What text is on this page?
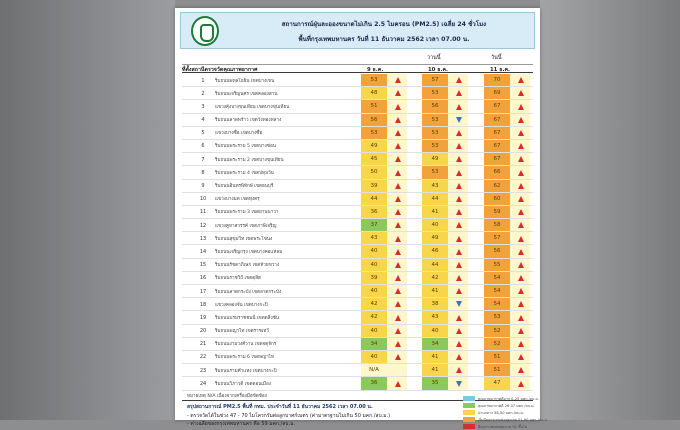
สถานการณ์ฝุ่นละอองขนาดไม่เกิน 2.5 ไมครอน (PM2.5) เฉลี่ย 24 ชั่วโมง
พื้นที่กรุงเทพมหานคร วันที่ 11 ธันวาคม 2562 เวลา 07.00 น.
วานนี้	วันนี้
ที่ตั้งสถานีตรวจวัดคุณภาพอากาศ	9 ธ.ค.	10 ธ.ค.	11 ธ.ค.
1	ริมถนนพหลโยธิน เขตบางเขน	53	57	70
2	ริมถนนเจริญนคร เขตคลองสาน	48	53	69
3	แขวงคุ้งบางขุนเทียน เขตบางขุนเทียน	51	56	67
4	ริมถนนลาดพร้าว เขตวังทองหลาง	56	53	67
5	แขวงบางซื่อ เขตบางซื่อ	53	53	67
6	ริมถนนพระราม 5 เขตบางซ่อน	49	53	67
7	ริมถนนพระราม 2 เขตบางขุนเทียน	45	49	67
8	ริมถนนพระราม 4 เขตปทุมวัน	50	53	66
9	ริมถนนอินทรพิทักษ์ เขตธนบุรี	39	43	62
10	แขวงบางมด เขตทุ่งครุ	44	44	60
11	ริมถนนพระราม 3 เขตยานนาวา	36	41	59
12	แขวงคูหาสวรรค์ เขตภาษีเจริญ	37	40	58
13	ริมถนนสุขุมวิท เขตพระโขนง	43	49	57
14	ริมถนนเจริญกรุง เขตบางคอแหลม	40	46	56
15	ริมถนนรัชดาภิเษก เขตห้วยขวาง	40	44	55
16	ริมถนนราชวิถี เขตดุสิต	39	42	54
17	ริมถนนลาดกระบัง เขตลาดกระบัง	40	41	54
18	แขวงคลองจั่น เขตบางกะปิ	42	38	54
19	ริมถนนบรมราชชนนี เขตตลิ่งชัน	42	43	53
20	ริมถนนพญาไท เขตราชเทวี	40	40	52
21	ริมถนนงามวงศ์วาน เขตจตุจักร	34	34	52
22	ริมถนนพระราม 6 เขตพญาไท	40	41	51
23	ริมถนนรามคำแหง เขตบางกะปิ	N/A	41	51
24	ริมถนนวิภาวดี เขตดอนเมือง	36	35	47
หมายเหตุ N/A เนื่องจากเครื่องมือขัดข้อง
สรุปสถานการณ์ PM2.5 พื้นที่ กทม. ประจำวันที่ 11 ธันวาคม 2562 เวลา 07.00 น.
- ตรวจวัดได้ในช่วง 47 - 70 ไมโครกรัมต่อลูกบาศก์เมตร (ค่ามาตรฐานไม่เกิน 50 มคก./ลบ.ม.)
- ค่าเฉลี่ยของกรุงเทพมหานคร คือ 59 มคก./ลบ.ม.
คุณภาพอากาศดีมาก 0-25 มคก./ลบ.ม.
คุณภาพอากาศดี 26-37 มคก./ลบ.ม.
ปานกลาง 38-50 มคก./ลบ.ม.
เริ่มมีผลกระทบต่อสุขภาพ 51-90 มคก./ลบ.ม.
มีผลกระทบต่อสุขภาพ 91 ขึ้นไป
